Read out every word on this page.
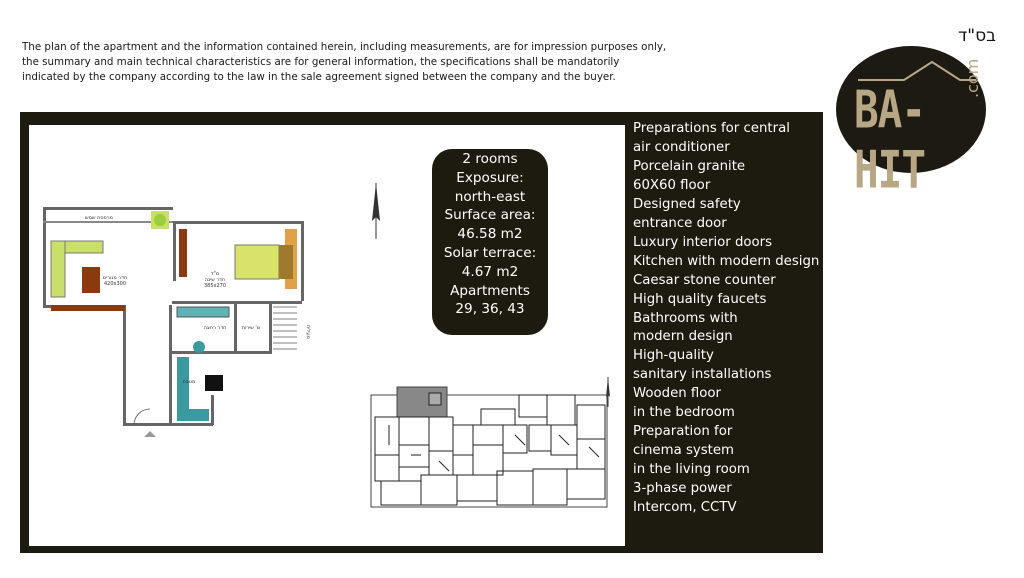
The plan of the apartment and the information contained herein, including measurements, are for impression purposes only,
the summary and main technical characteristics are for general information, the specifications shall be mandatorily
indicated by the company according to the law in the sale agreement signed between the company and the buyer.
בס"ד
BA-HIT
.com
חדר מגורים
420x300
מרפסת שמש
מ"ד
חדר שינה
385x270
חדר רחצה	ש' שירות
מטבח
מעלית
2 rooms
Exposure:
north-east
Surface area:
46.58 m2
Solar terrace:
4.67 m2
Apartments
29, 36, 43
Preparations for central
air conditioner
Porcelain granite
60X60 floor
Designed safety
entrance door
Luxury interior doors
Kitchen with modern design
Caesar stone counter
High quality faucets
Bathrooms with
modern design
High-quality
sanitary installations
Wooden floor
in the bedroom
Preparation for
cinema system
in the living room
3-phase power
Intercom, CCTV
